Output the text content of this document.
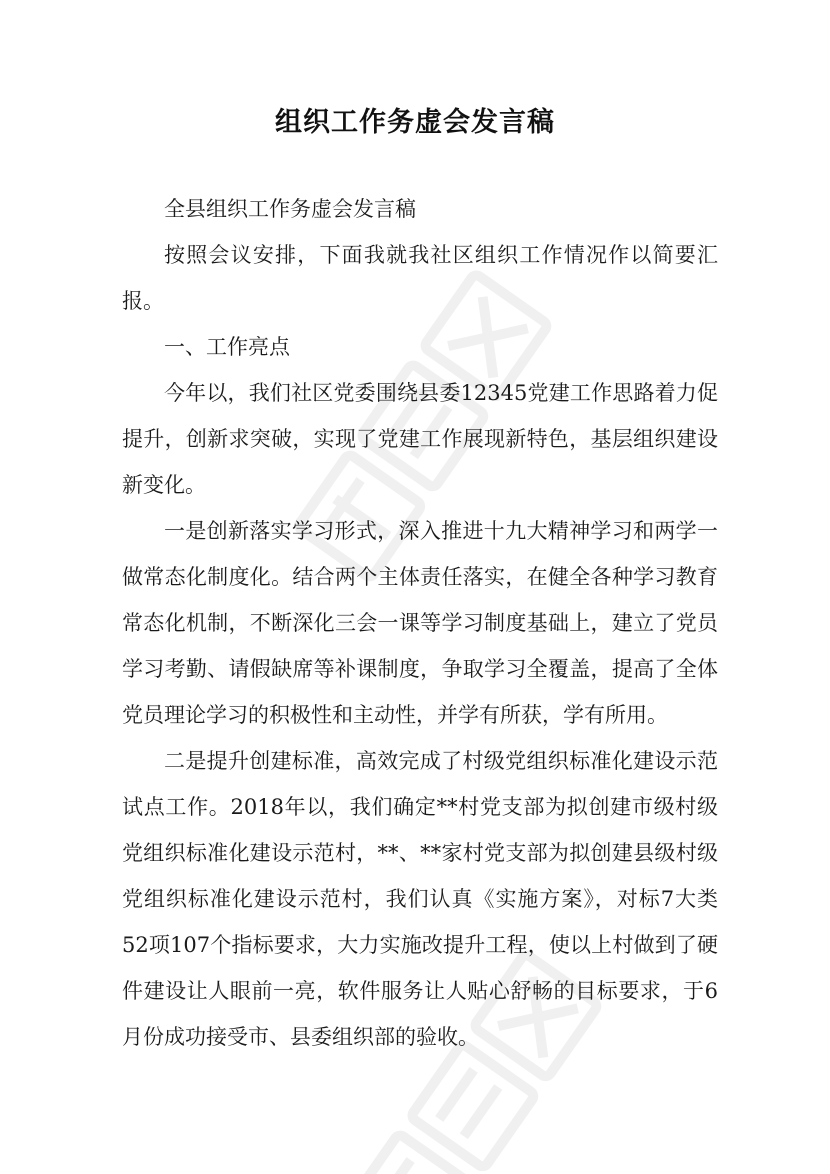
组织工作务虚会发言稿

全县组织工作务虚会发言稿

按照会议安排，下面我就我社区组织工作情况作以简要汇报。

一、工作亮点

今年以，我们社区党委围绕县委12345党建工作思路着力促提升，创新求突破，实现了党建工作展现新特色，基层组织建设新变化。

一是创新落实学习形式，深入推进十九大精神学习和两学一做常态化制度化。结合两个主体责任落实，在健全各种学习教育常态化机制，不断深化三会一课等学习制度基础上，建立了党员学习考勤、请假缺席等补课制度，争取学习全覆盖，提高了全体党员理论学习的积极性和主动性，并学有所获，学有所用。

二是提升创建标准，高效完成了村级党组织标准化建设示范试点工作。2018年以，我们确定**村党支部为拟创建市级村级党组织标准化建设示范村，**、**家村党支部为拟创建县级村级党组织标准化建设示范村，我们认真《实施方案》，对标7大类52项107个指标要求，大力实施改提升工程，使以上村做到了硬件建设让人眼前一亮，软件服务让人贴心舒畅的目标要求，于6月份成功接受市、县委组织部的验收。
